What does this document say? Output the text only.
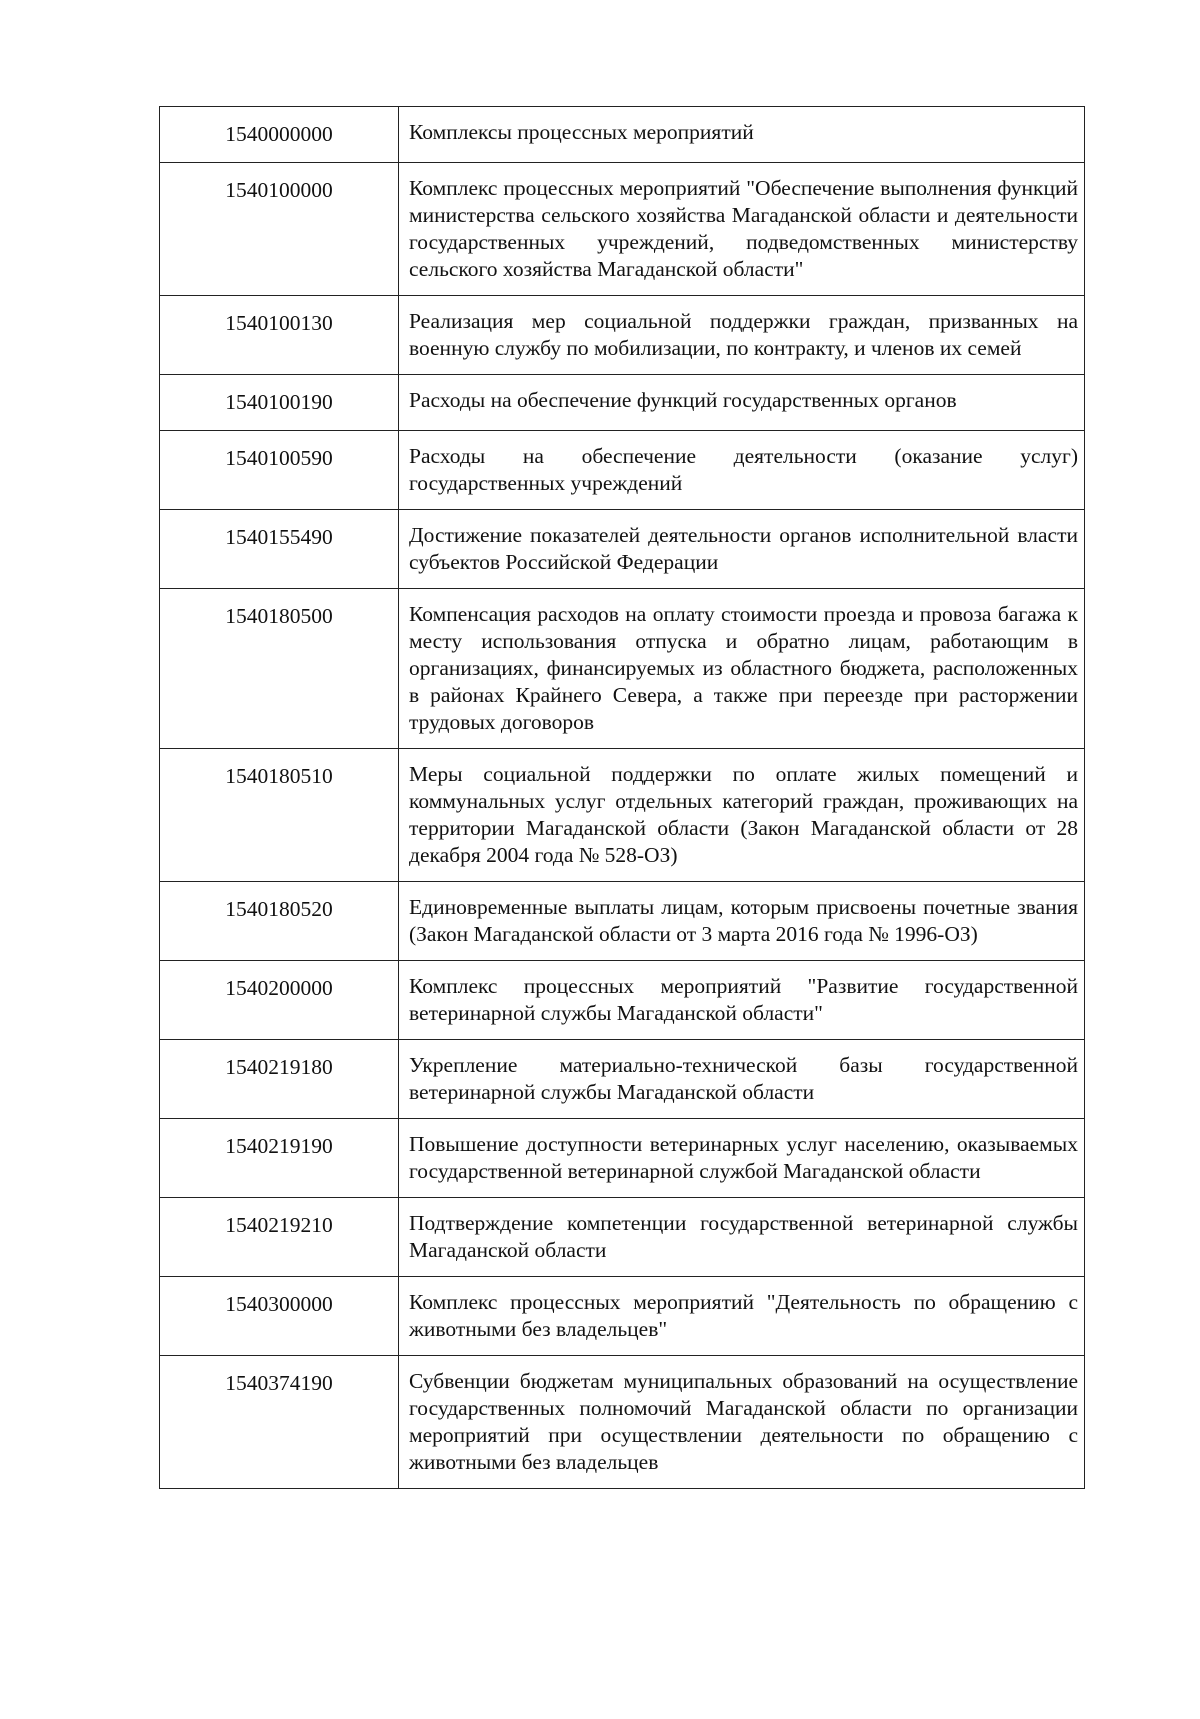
1540000000	Комплексы процессных мероприятий
1540100000	Комплекс процессных мероприятий "Обеспечение выполнения функций министерства сельского хозяйства Магаданской области и деятельности государственных учреждений, подведомственных министерству сельского хозяйства Магаданской области"
1540100130	Реализация мер социальной поддержки граждан, призванных на военную службу по мобилизации, по контракту, и членов их семей
1540100190	Расходы на обеспечение функций государственных органов
1540100590	Расходы на обеспечение деятельности (оказание услуг) государственных учреждений
1540155490	Достижение показателей деятельности органов исполнительной власти субъектов Российской Федерации
1540180500	Компенсация расходов на оплату стоимости проезда и провоза багажа к месту использования отпуска и обратно лицам, работающим в организациях, финансируемых из областного бюджета, расположенных в районах Крайнего Севера, а также при переезде при расторжении трудовых договоров
1540180510	Меры социальной поддержки по оплате жилых помещений и коммунальных услуг отдельных категорий граждан, проживающих на территории Магаданской области (Закон Магаданской области от 28 декабря 2004 года № 528-ОЗ)
1540180520	Единовременные выплаты лицам, которым присвоены почетные звания (Закон Магаданской области от 3 марта 2016 года № 1996-ОЗ)
1540200000	Комплекс процессных мероприятий "Развитие государственной ветеринарной службы Магаданской области"
1540219180	Укрепление материально-технической базы государственной ветеринарной службы Магаданской области
1540219190	Повышение доступности ветеринарных услуг населению, оказываемых государственной ветеринарной службой Магаданской области
1540219210	Подтверждение компетенции государственной ветеринарной службы Магаданской области
1540300000	Комплекс процессных мероприятий "Деятельность по обращению с животными без владельцев"
1540374190	Субвенции бюджетам муниципальных образований на осуществление государственных полномочий Магаданской области по организации мероприятий при осуществлении деятельности по обращению с животными без владельцев
